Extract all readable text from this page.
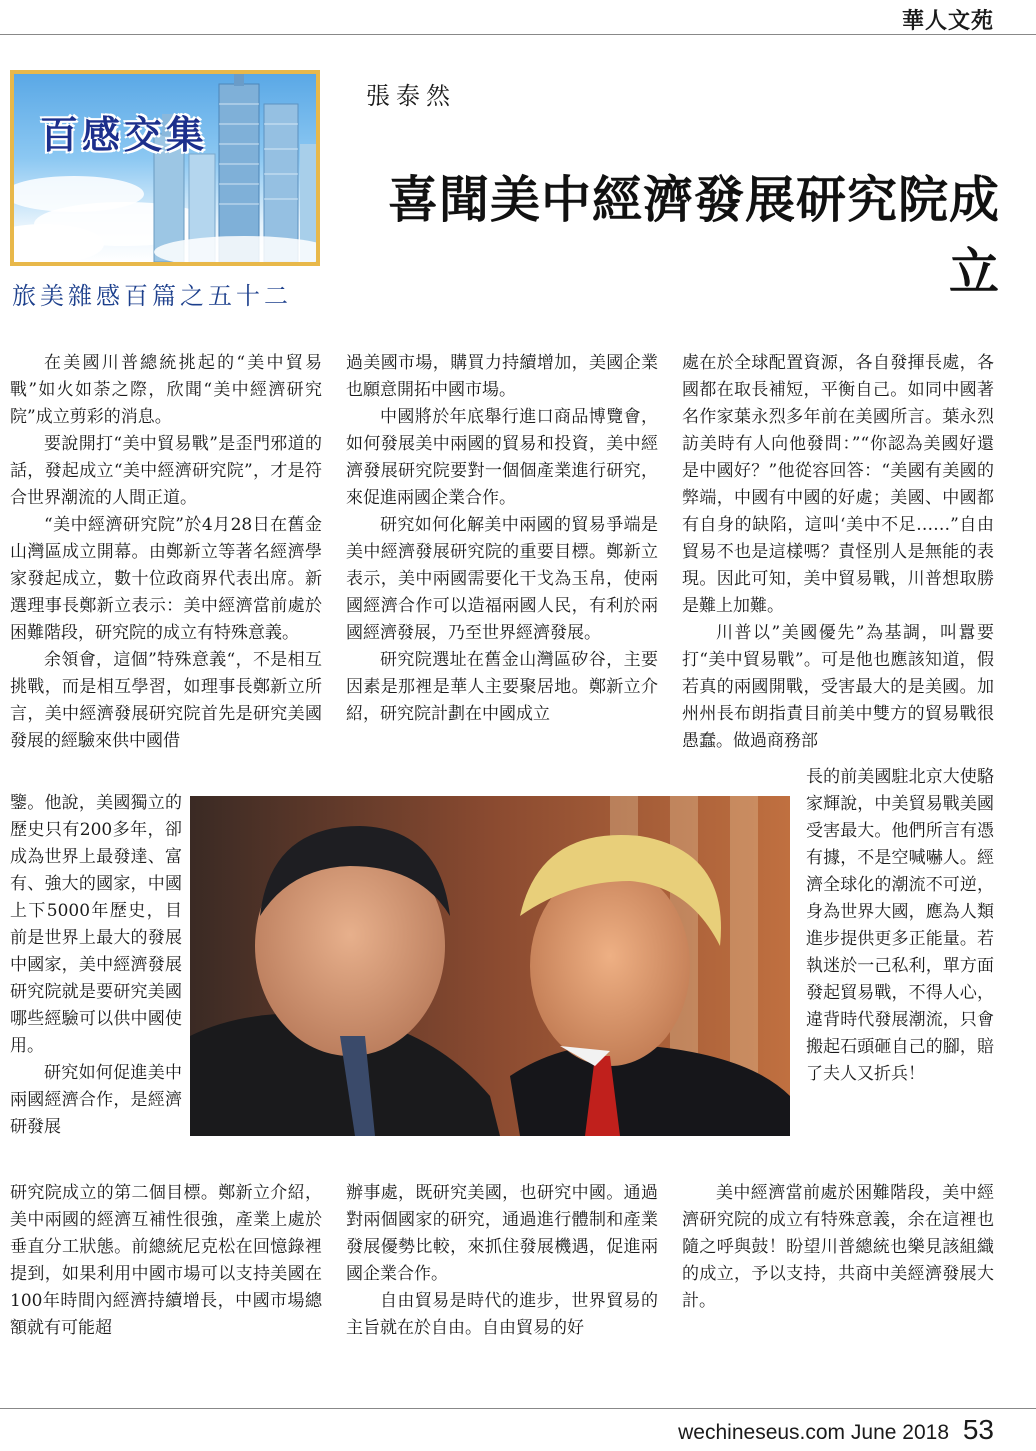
華人文苑
百感交集
旅美雜感百篇之五十二
張泰然
喜聞美中經濟發展研究院成立

在美國川普總統挑起的“美中貿易戰”如火如荼之際，欣聞“美中經濟研究院”成立剪彩的消息。

要說開打“美中貿易戰”是歪門邪道的話，發起成立“美中經濟研究院”，才是符合世界潮流的人間正道。

“美中經濟研究院”於4月28日在舊金山灣區成立開幕。由鄭新立等著名經濟學家發起成立，數十位政商界代表出席。新選理事長鄭新立表示：美中經濟當前處於困難階段，研究院的成立有特殊意義。

余領會，這個”特殊意義“，不是相互挑戰，而是相互學習，如理事長鄭新立所言，美中經濟發展研究院首先是研究美國發展的經驗來供中國借

鑒。他說，美國獨立的歷史只有200多年，卻成為世界上最發達、富有、強大的國家，中國上下5000年歷史，目前是世界上最大的發展中國家，美中經濟發展研究院就是要研究美國哪些經驗可以供中國使用。

研究如何促進美中兩國經濟合作，是經濟研發展

研究院成立的第二個目標。鄭新立介紹，美中兩國的經濟互補性很強，產業上處於垂直分工狀態。前總統尼克松在回憶錄裡提到，如果利用中國市場可以支持美國在100年時間內經濟持續增長，中國市場總額就有可能超

過美國市場，購買力持續增加，美國企業也願意開拓中國市場。

中國將於年底舉行進口商品博覽會，如何發展美中兩國的貿易和投資，美中經濟發展研究院要對一個個產業進行研究，來促進兩國企業合作。

研究如何化解美中兩國的貿易爭端是美中經濟發展研究院的重要目標。鄭新立表示，美中兩國需要化干戈為玉帛，使兩國經濟合作可以造福兩國人民，有利於兩國經濟發展，乃至世界經濟發展。

研究院選址在舊金山灣區矽谷，主要因素是那裡是華人主要聚居地。鄭新立介紹，研究院計劃在中國成立

辦事處，既研究美國，也研究中國。通過對兩個國家的研究，通過進行體制和產業發展優勢比較，來抓住發展機遇，促進兩國企業合作。

自由貿易是時代的進步，世界貿易的主旨就在於自由。自由貿易的好

處在於全球配置資源，各自發揮長處，各國都在取長補短，平衡自己。如同中國著名作家葉永烈多年前在美國所言。葉永烈訪美時有人向他發問：”“你認為美國好還是中國好？”他從容回答：“美國有美國的弊端，中國有中國的好處；美國、中國都有自身的缺陷，這叫‘美中不足……”自由貿易不也是這樣嗎？責怪別人是無能的表現。因此可知，美中貿易戰，川普想取勝是難上加難。

川普以”美國優先”為基調，叫囂要打“美中貿易戰”。可是他也應該知道，假若真的兩國開戰，受害最大的是美國。加州州長布朗指責目前美中雙方的貿易戰很愚蠢。做過商務部

長的前美國駐北京大使駱家輝說，中美貿易戰美國受害最大。他們所言有憑有據，不是空喊嚇人。經濟全球化的潮流不可逆，身為世界大國，應為人類進步提供更多正能量。若執迷於一己私利，單方面發起貿易戰，不得人心，違背時代發展潮流，只會搬起石頭砸自己的腳，賠了夫人又折兵！

美中經濟當前處於困難階段，美中經濟研究院的成立有特殊意義，余在這裡也隨之呼與鼓！盼望川普總統也樂見該組織的成立，予以支持，共商中美經濟發展大計。

wechineseus.com June 2018 53
